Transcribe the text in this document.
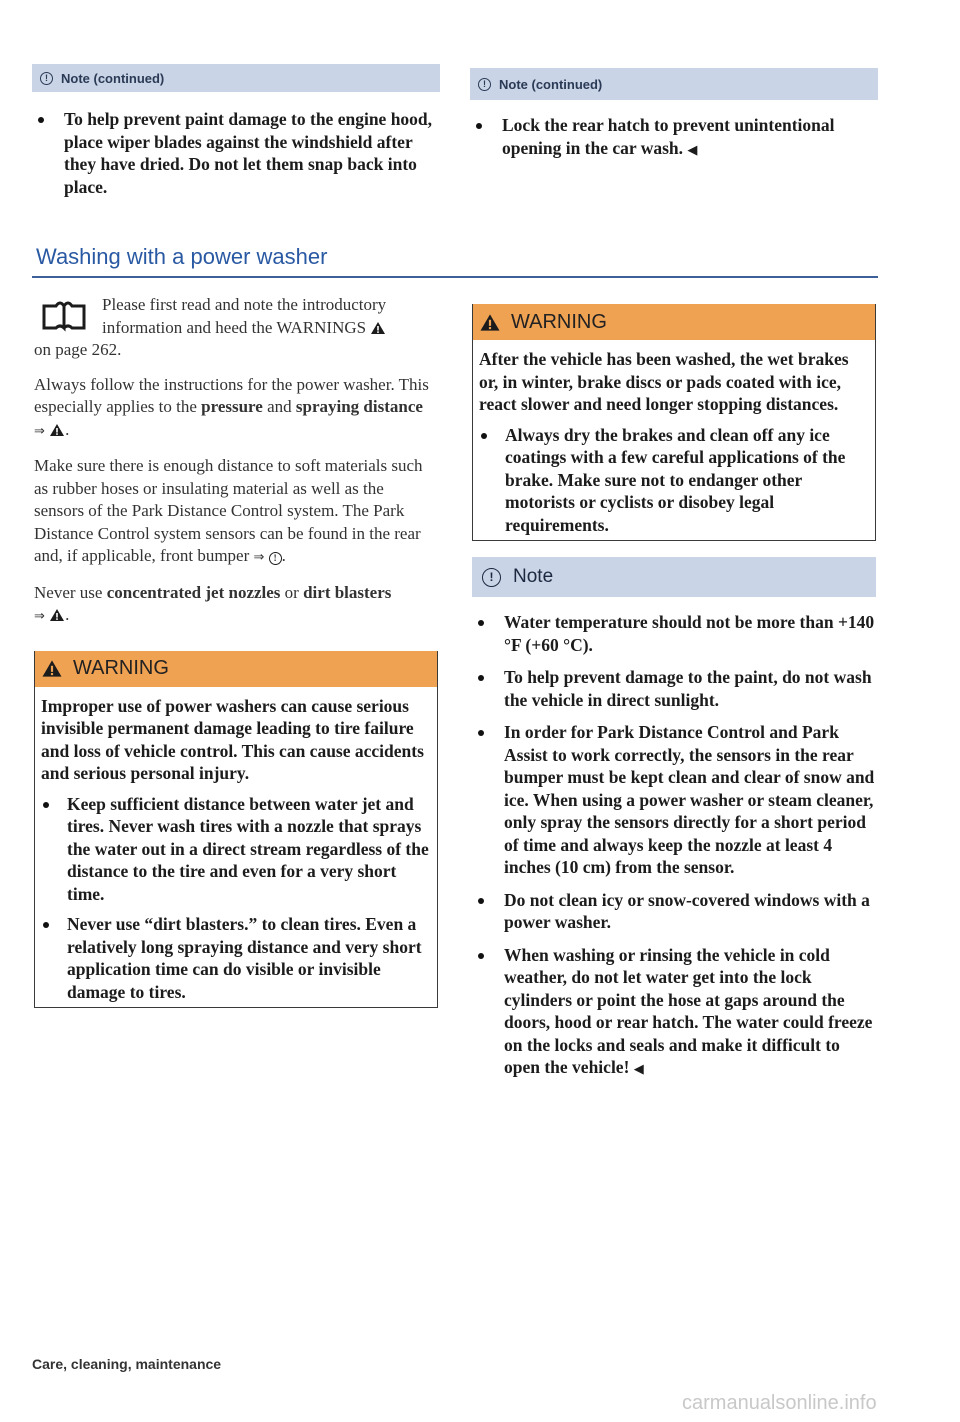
!	Note (continued)
To help prevent paint damage to the engine hood, place wiper blades against the windshield after they have dried. Do not let them snap back into place.
!	Note (continued)
Lock the rear hatch to prevent unintentional opening in the car wash. ◀
Washing with a power washer

Please first read and note the introductory information and heed the WARNINGS
on page 262.

Always follow the instructions for the power washer. This especially applies to the pressure and spraying distance ⇒ .

Make sure there is enough distance to soft materials such as rubber hoses or insulating material as well as the sensors of the Park Distance Control system. The Park Distance Control system sensors can be found in the rear and, if applicable, front bumper ⇒ ! .

Never use concentrated jet nozzles or dirt blasters
⇒ .

WARNING

Improper use of power washers can cause serious invisible permanent damage leading to tire failure and loss of vehicle control. This can cause accidents and serious personal injury.

Keep sufficient distance between water jet and tires. Never wash tires with a nozzle that sprays the water out in a direct stream regardless of the distance to the tire and even for a very short time.
Never use “dirt blasters.” to clean tires. Even a relatively long spraying distance and very short application time can do visible or invisible damage to tires.
WARNING

After the vehicle has been washed, the wet brakes or, in winter, brake discs or pads coated with ice, react slower and need longer stopping distances.

Always dry the brakes and clean off any ice coatings with a few careful applications of the brake. Make sure not to endanger other motorists or cyclists or disobey legal requirements.
!	Note
Water temperature should not be more than +140 °F (+60 °C).
To help prevent damage to the paint, do not wash the vehicle in direct sunlight.
In order for Park Distance Control and Park Assist to work correctly, the sensors in the rear bumper must be kept clean and clear of snow and ice. When using a power washer or steam cleaner, only spray the sensors directly for a short period of time and always keep the nozzle at least 4 inches (10 cm) from the sensor.
Do not clean icy or snow-covered windows with a power washer.
When washing or rinsing the vehicle in cold weather, do not let water get into the lock cylinders or point the hose at gaps around the doors, hood or rear hatch. The water could freeze on the locks and seals and make it difficult to open the vehicle! ◀
Care, cleaning, maintenance
carmanualsonline.info
